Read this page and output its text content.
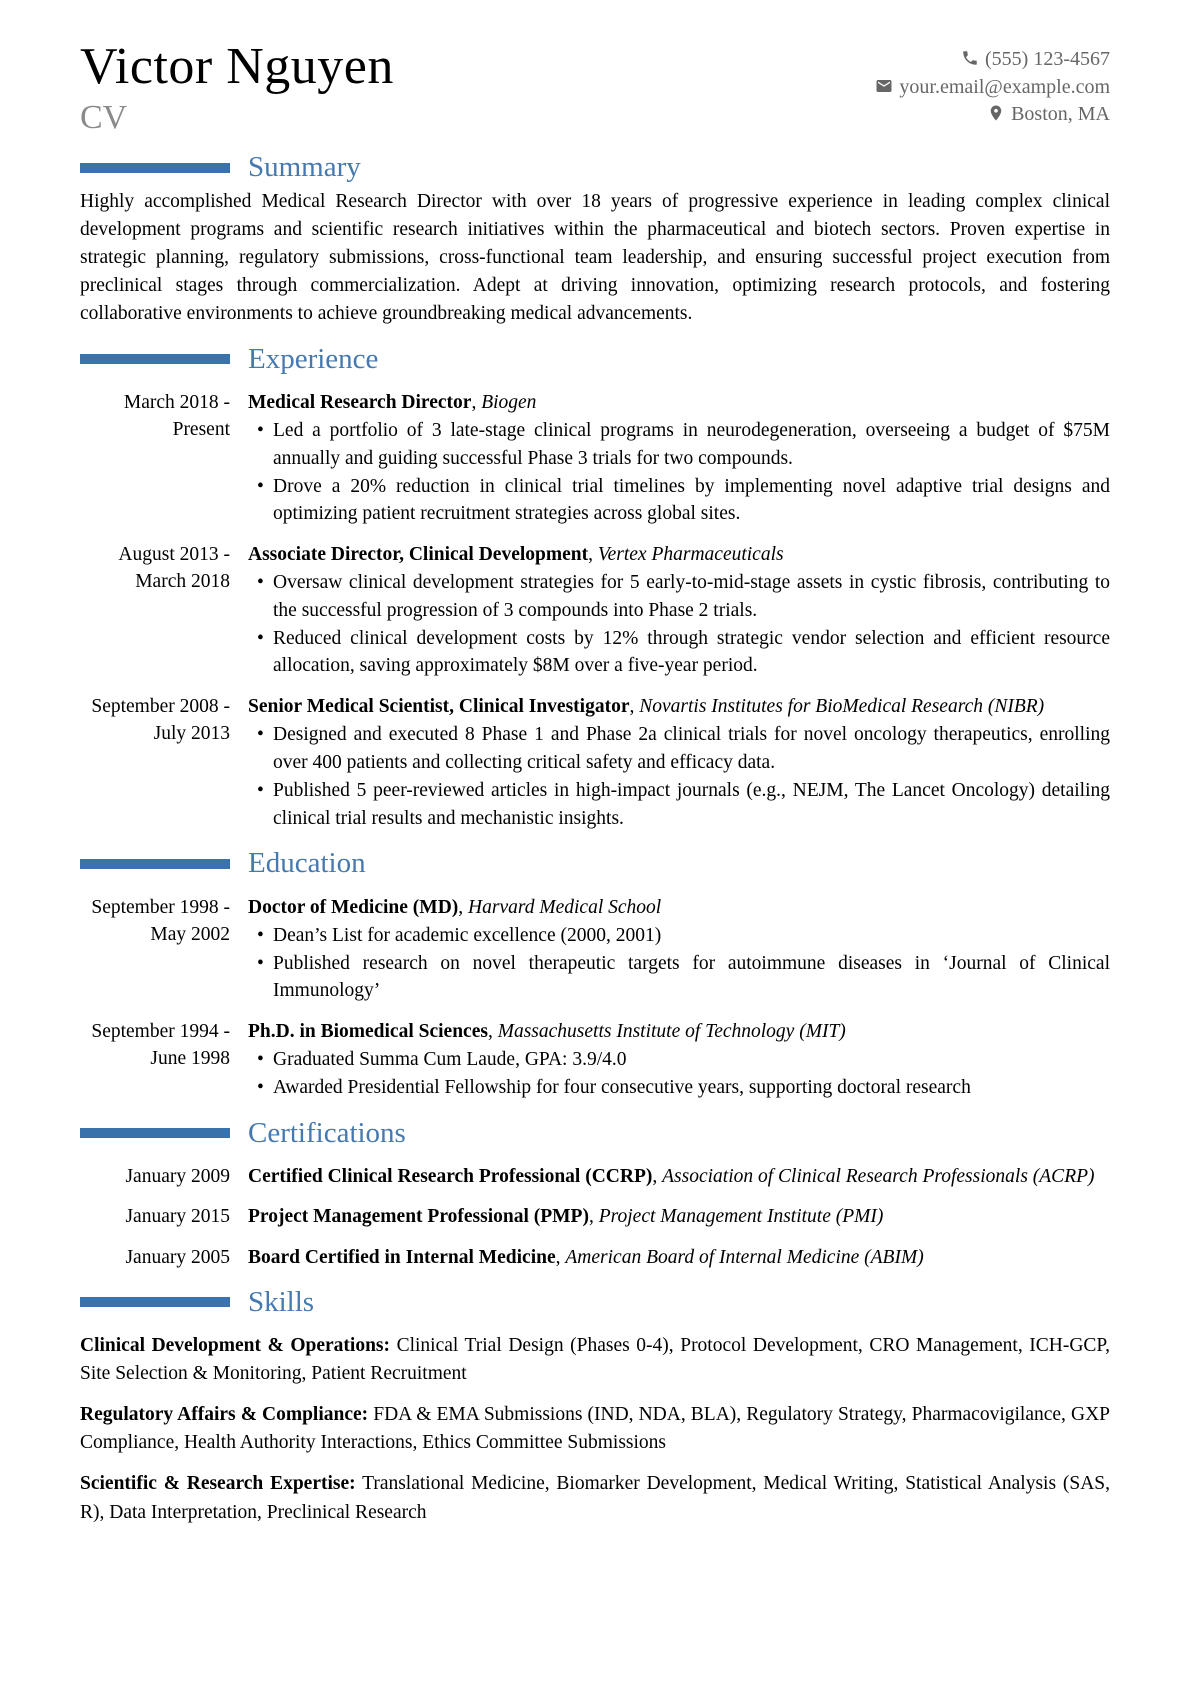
Victor Nguyen
CV
(555) 123-4567
your.email@example.com
Boston, MA
Summary

Highly accomplished Medical Research Director with over 18 years of progressive experience in leading complex clinical development programs and scientific research initiatives within the pharmaceutical and biotech sectors. Proven expertise in strategic planning, regulatory submissions, cross-functional team leadership, and ensuring successful project execution from preclinical stages through commercialization. Adept at driving innovation, optimizing research protocols, and fostering collaborative environments to achieve groundbreaking medical advancements.

Experience
March 2018 - Present
Medical Research Director, Biogen
• Led a portfolio of 3 late-stage clinical programs in neurodegeneration, overseeing a budget of $75M annually and guiding successful Phase 3 trials for two compounds.
• Drove a 20% reduction in clinical trial timelines by implementing novel adaptive trial designs and optimizing patient recruitment strategies across global sites.
August 2013 - March 2018
Associate Director, Clinical Development, Vertex Pharmaceuticals
• Oversaw clinical development strategies for 5 early-to-mid-stage assets in cystic fibrosis, contributing to the successful progression of 3 compounds into Phase 2 trials.
• Reduced clinical development costs by 12% through strategic vendor selection and efficient resource allocation, saving approximately $8M over a five-year period.
September 2008 - July 2013
Senior Medical Scientist, Clinical Investigator, Novartis Institutes for BioMedical Research (NIBR)
• Designed and executed 8 Phase 1 and Phase 2a clinical trials for novel oncology therapeutics, enrolling over 400 patients and collecting critical safety and efficacy data.
• Published 5 peer-reviewed articles in high-impact journals (e.g., NEJM, The Lancet Oncology) detailing clinical trial results and mechanistic insights.
Education
September 1998 - May 2002
Doctor of Medicine (MD), Harvard Medical School
• Dean’s List for academic excellence (2000, 2001)
• Published research on novel therapeutic targets for autoimmune diseases in ‘Journal of Clinical Immunology’
September 1994 - June 1998
Ph.D. in Biomedical Sciences, Massachusetts Institute of Technology (MIT)
• Graduated Summa Cum Laude, GPA: 3.9/4.0
• Awarded Presidential Fellowship for four consecutive years, supporting doctoral research
Certifications
January 2009 Certified Clinical Research Professional (CCRP), Association of Clinical Research Professionals (ACRP)
January 2015 Project Management Professional (PMP), Project Management Institute (PMI)
January 2005 Board Certified in Internal Medicine, American Board of Internal Medicine (ABIM)
Skills

Clinical Development & Operations: Clinical Trial Design (Phases 0-4), Protocol Development, CRO Management, ICH-GCP, Site Selection & Monitoring, Patient Recruitment

Regulatory Affairs & Compliance: FDA & EMA Submissions (IND, NDA, BLA), Regulatory Strategy, Pharmacovigilance, GXP Compliance, Health Authority Interactions, Ethics Committee Submissions

Scientific & Research Expertise: Translational Medicine, Biomarker Development, Medical Writing, Statistical Analysis (SAS, R), Data Interpretation, Preclinical Research
